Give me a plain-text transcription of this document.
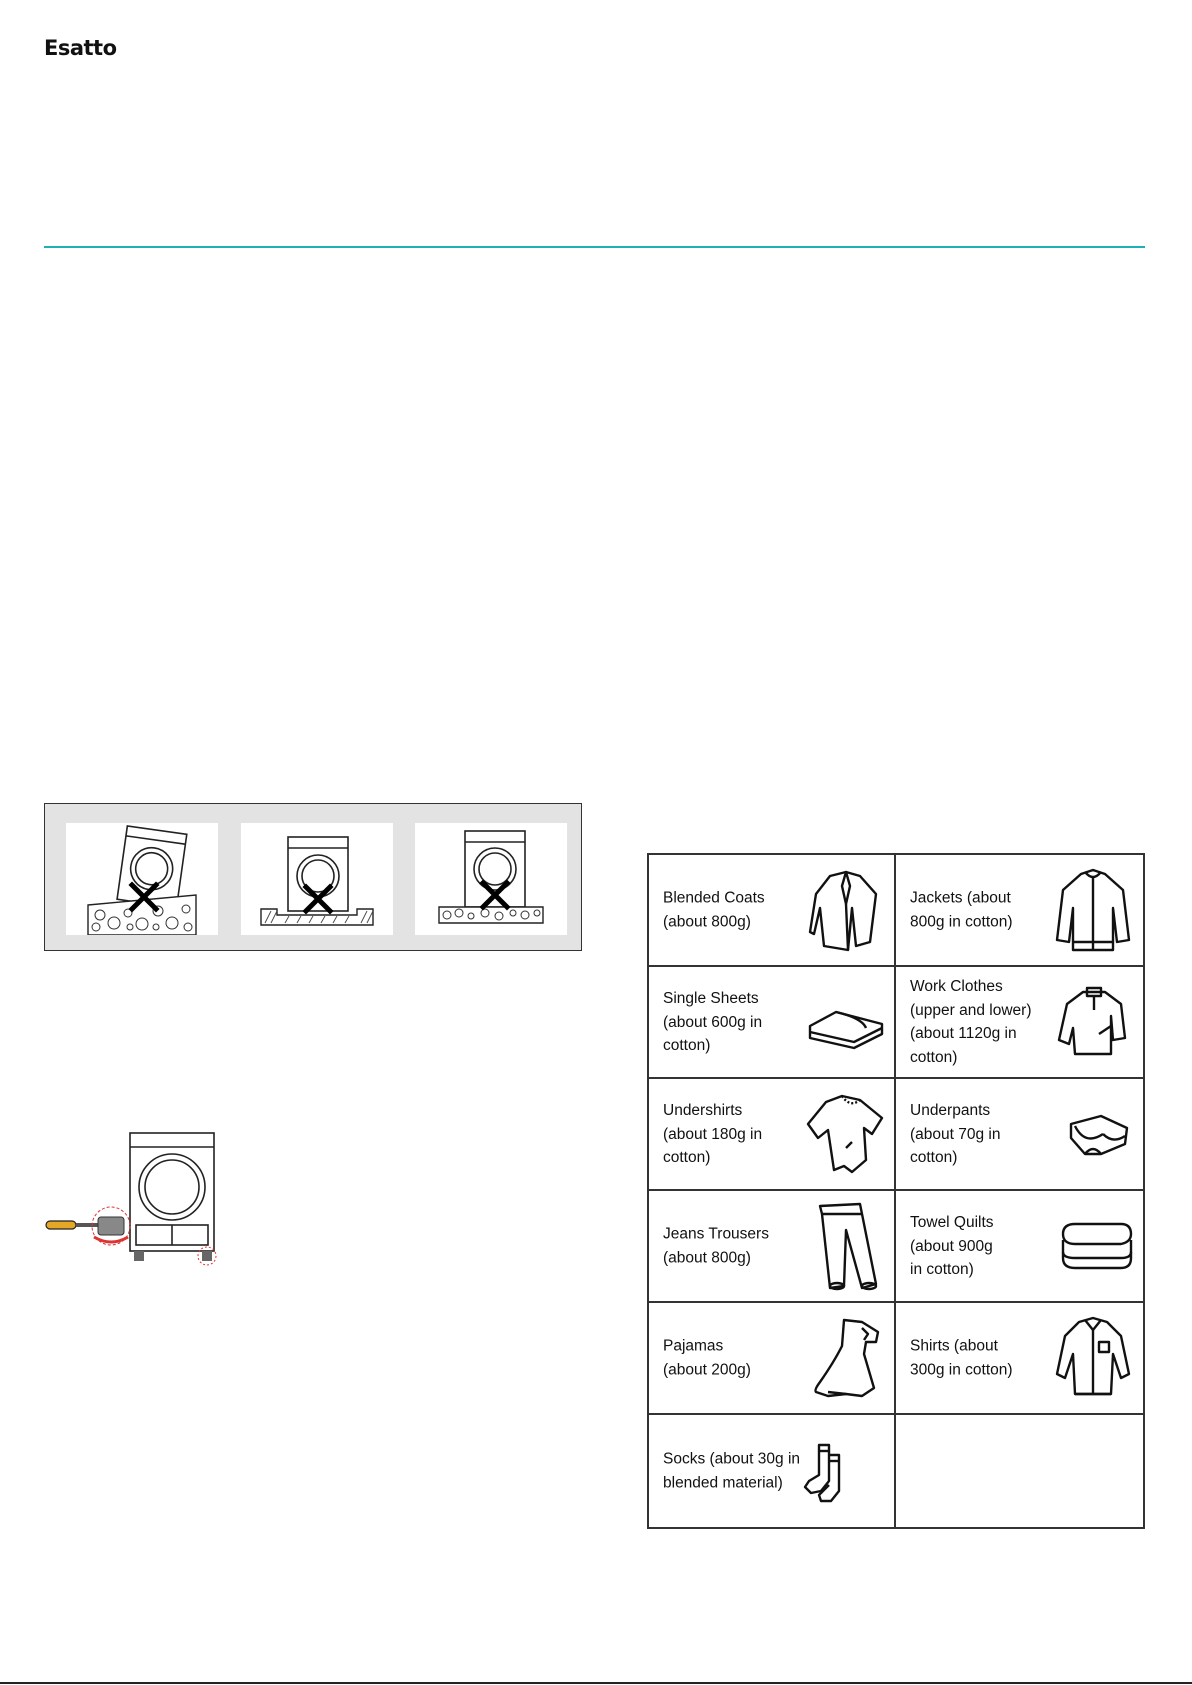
Esatto
Blended Coats
(about 800g)
Jackets (about
800g in cotton)
Single Sheets
(about 600g in
cotton)
Work Clothes
(upper and lower)
(about 1120g in
cotton)
Undershirts
(about 180g in
cotton)
Underpants
(about 70g in
cotton)
Jeans Trousers
(about 800g)
Towel Quilts
(about 900g
in cotton)
Pajamas
(about 200g)
Shirts (about
300g in cotton)
Socks (about 30g in
blended material)
